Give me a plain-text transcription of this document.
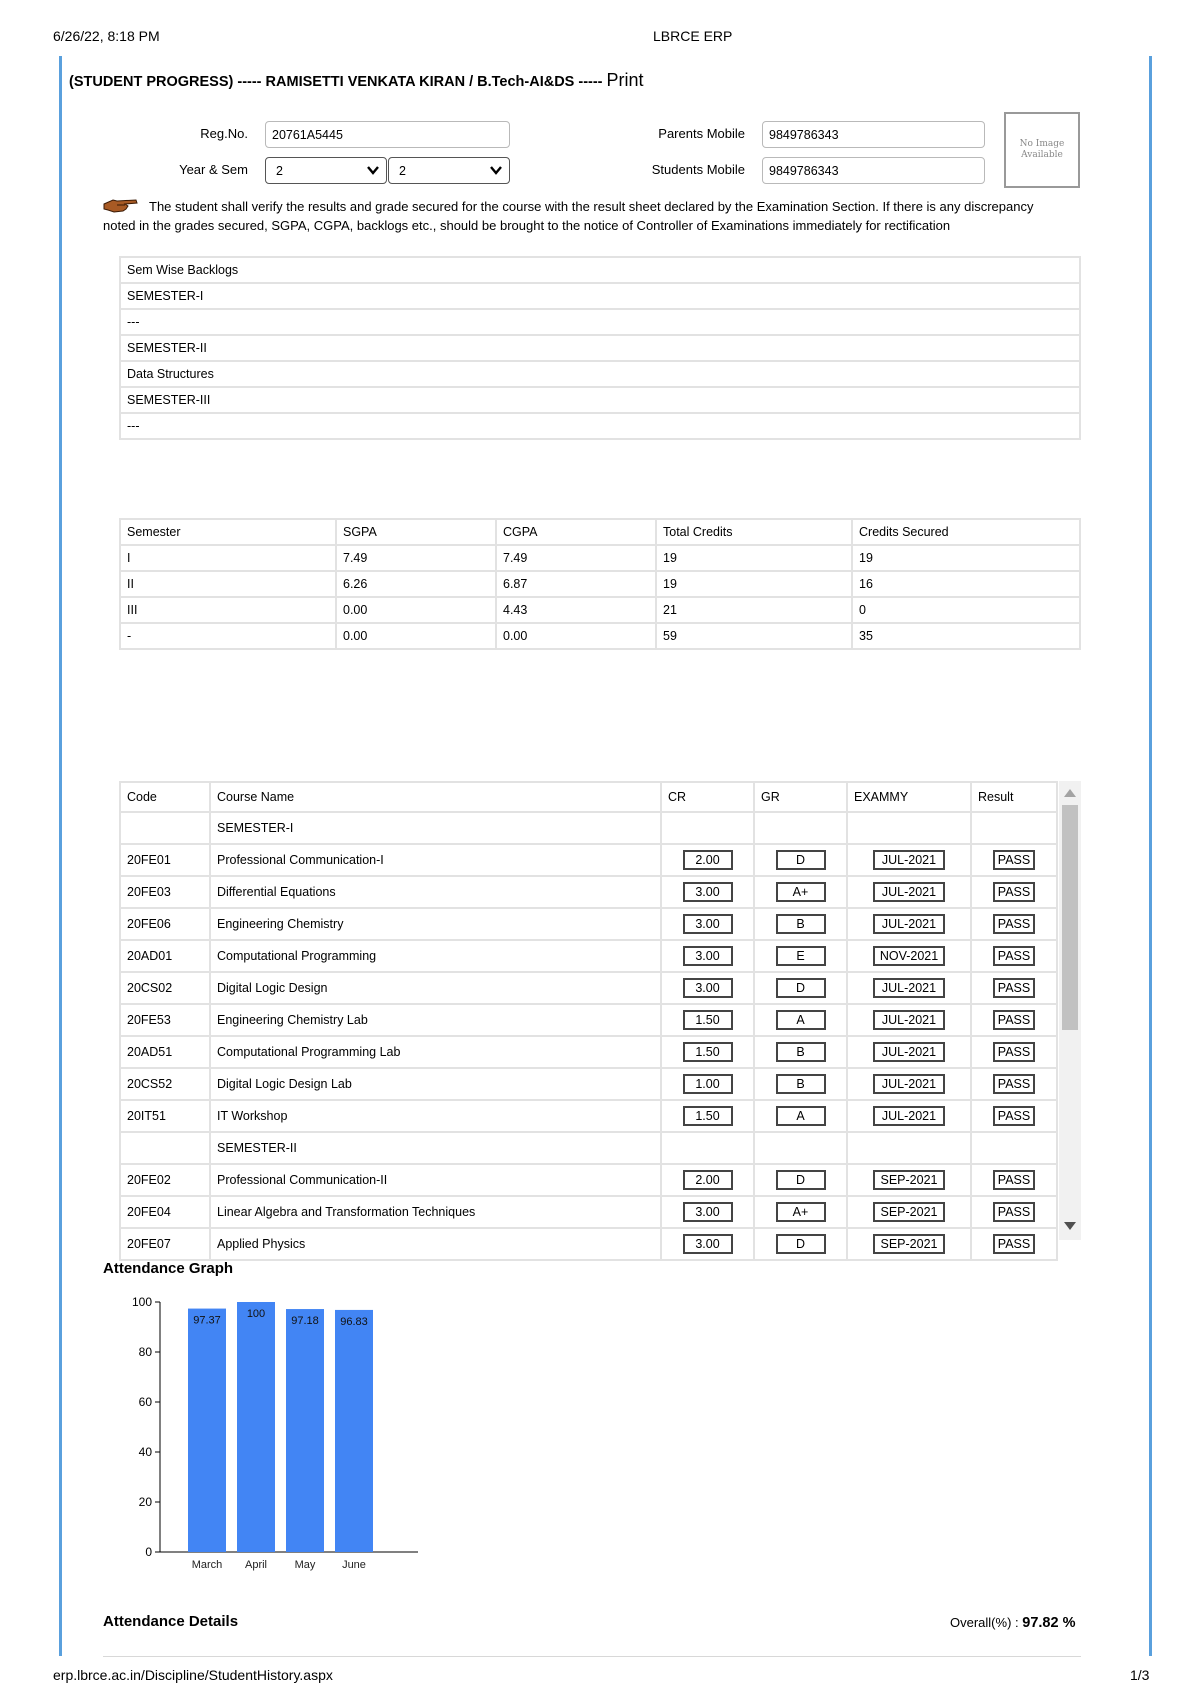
6/26/22, 8:18 PM	LBRCE ERP
(STUDENT PROGRESS) ----- RAMISETTI VENKATA KIRAN / B.Tech-AI&DS ----- Print
Reg.No.	20761A5445
Year & Sem	2	2
Parents Mobile	9849786343
Students Mobile	9849786343
No Image Available
The student shall verify the results and grade secured for the course with the result sheet declared by the Examination Section. If there is any discrepancy noted in the grades secured, SGPA, CGPA, backlogs etc., should be brought to the notice of Controller of Examinations immediately for rectification
Sem Wise Backlogs
SEMESTER-I
---
SEMESTER-II
Data Structures
SEMESTER-III
---
Semester	SGPA	CGPA	Total Credits	Credits Secured
I	7.49	7.49	19	19
II	6.26	6.87	19	16
III	0.00	4.43	21	0
-	0.00	0.00	59	35
Code	Course Name	CR	GR	EXAMMY	Result
	SEMESTER-I				
20FE01	Professional Communication-I	2.00	D	JUL-2021	PASS
20FE03	Differential Equations	3.00	A+	JUL-2021	PASS
20FE06	Engineering Chemistry	3.00	B	JUL-2021	PASS
20AD01	Computational Programming	3.00	E	NOV-2021	PASS
20CS02	Digital Logic Design	3.00	D	JUL-2021	PASS
20FE53	Engineering Chemistry Lab	1.50	A	JUL-2021	PASS
20AD51	Computational Programming Lab	1.50	B	JUL-2021	PASS
20CS52	Digital Logic Design Lab	1.00	B	JUL-2021	PASS
20IT51	IT Workshop	1.50	A	JUL-2021	PASS
	SEMESTER-II				
20FE02	Professional Communication-II	2.00	D	SEP-2021	PASS
20FE04	Linear Algebra and Transformation Techniques	3.00	A+	SEP-2021	PASS
20FE07	Applied Physics	3.00	D	SEP-2021	PASS
Attendance Graph
0
20
40
60
80
100
97.37
March
100
April
97.18
May
96.83
June
Attendance Details	Overall(%) : 97.82 %
erp.lbrce.ac.in/Discipline/StudentHistory.aspx	1/3
